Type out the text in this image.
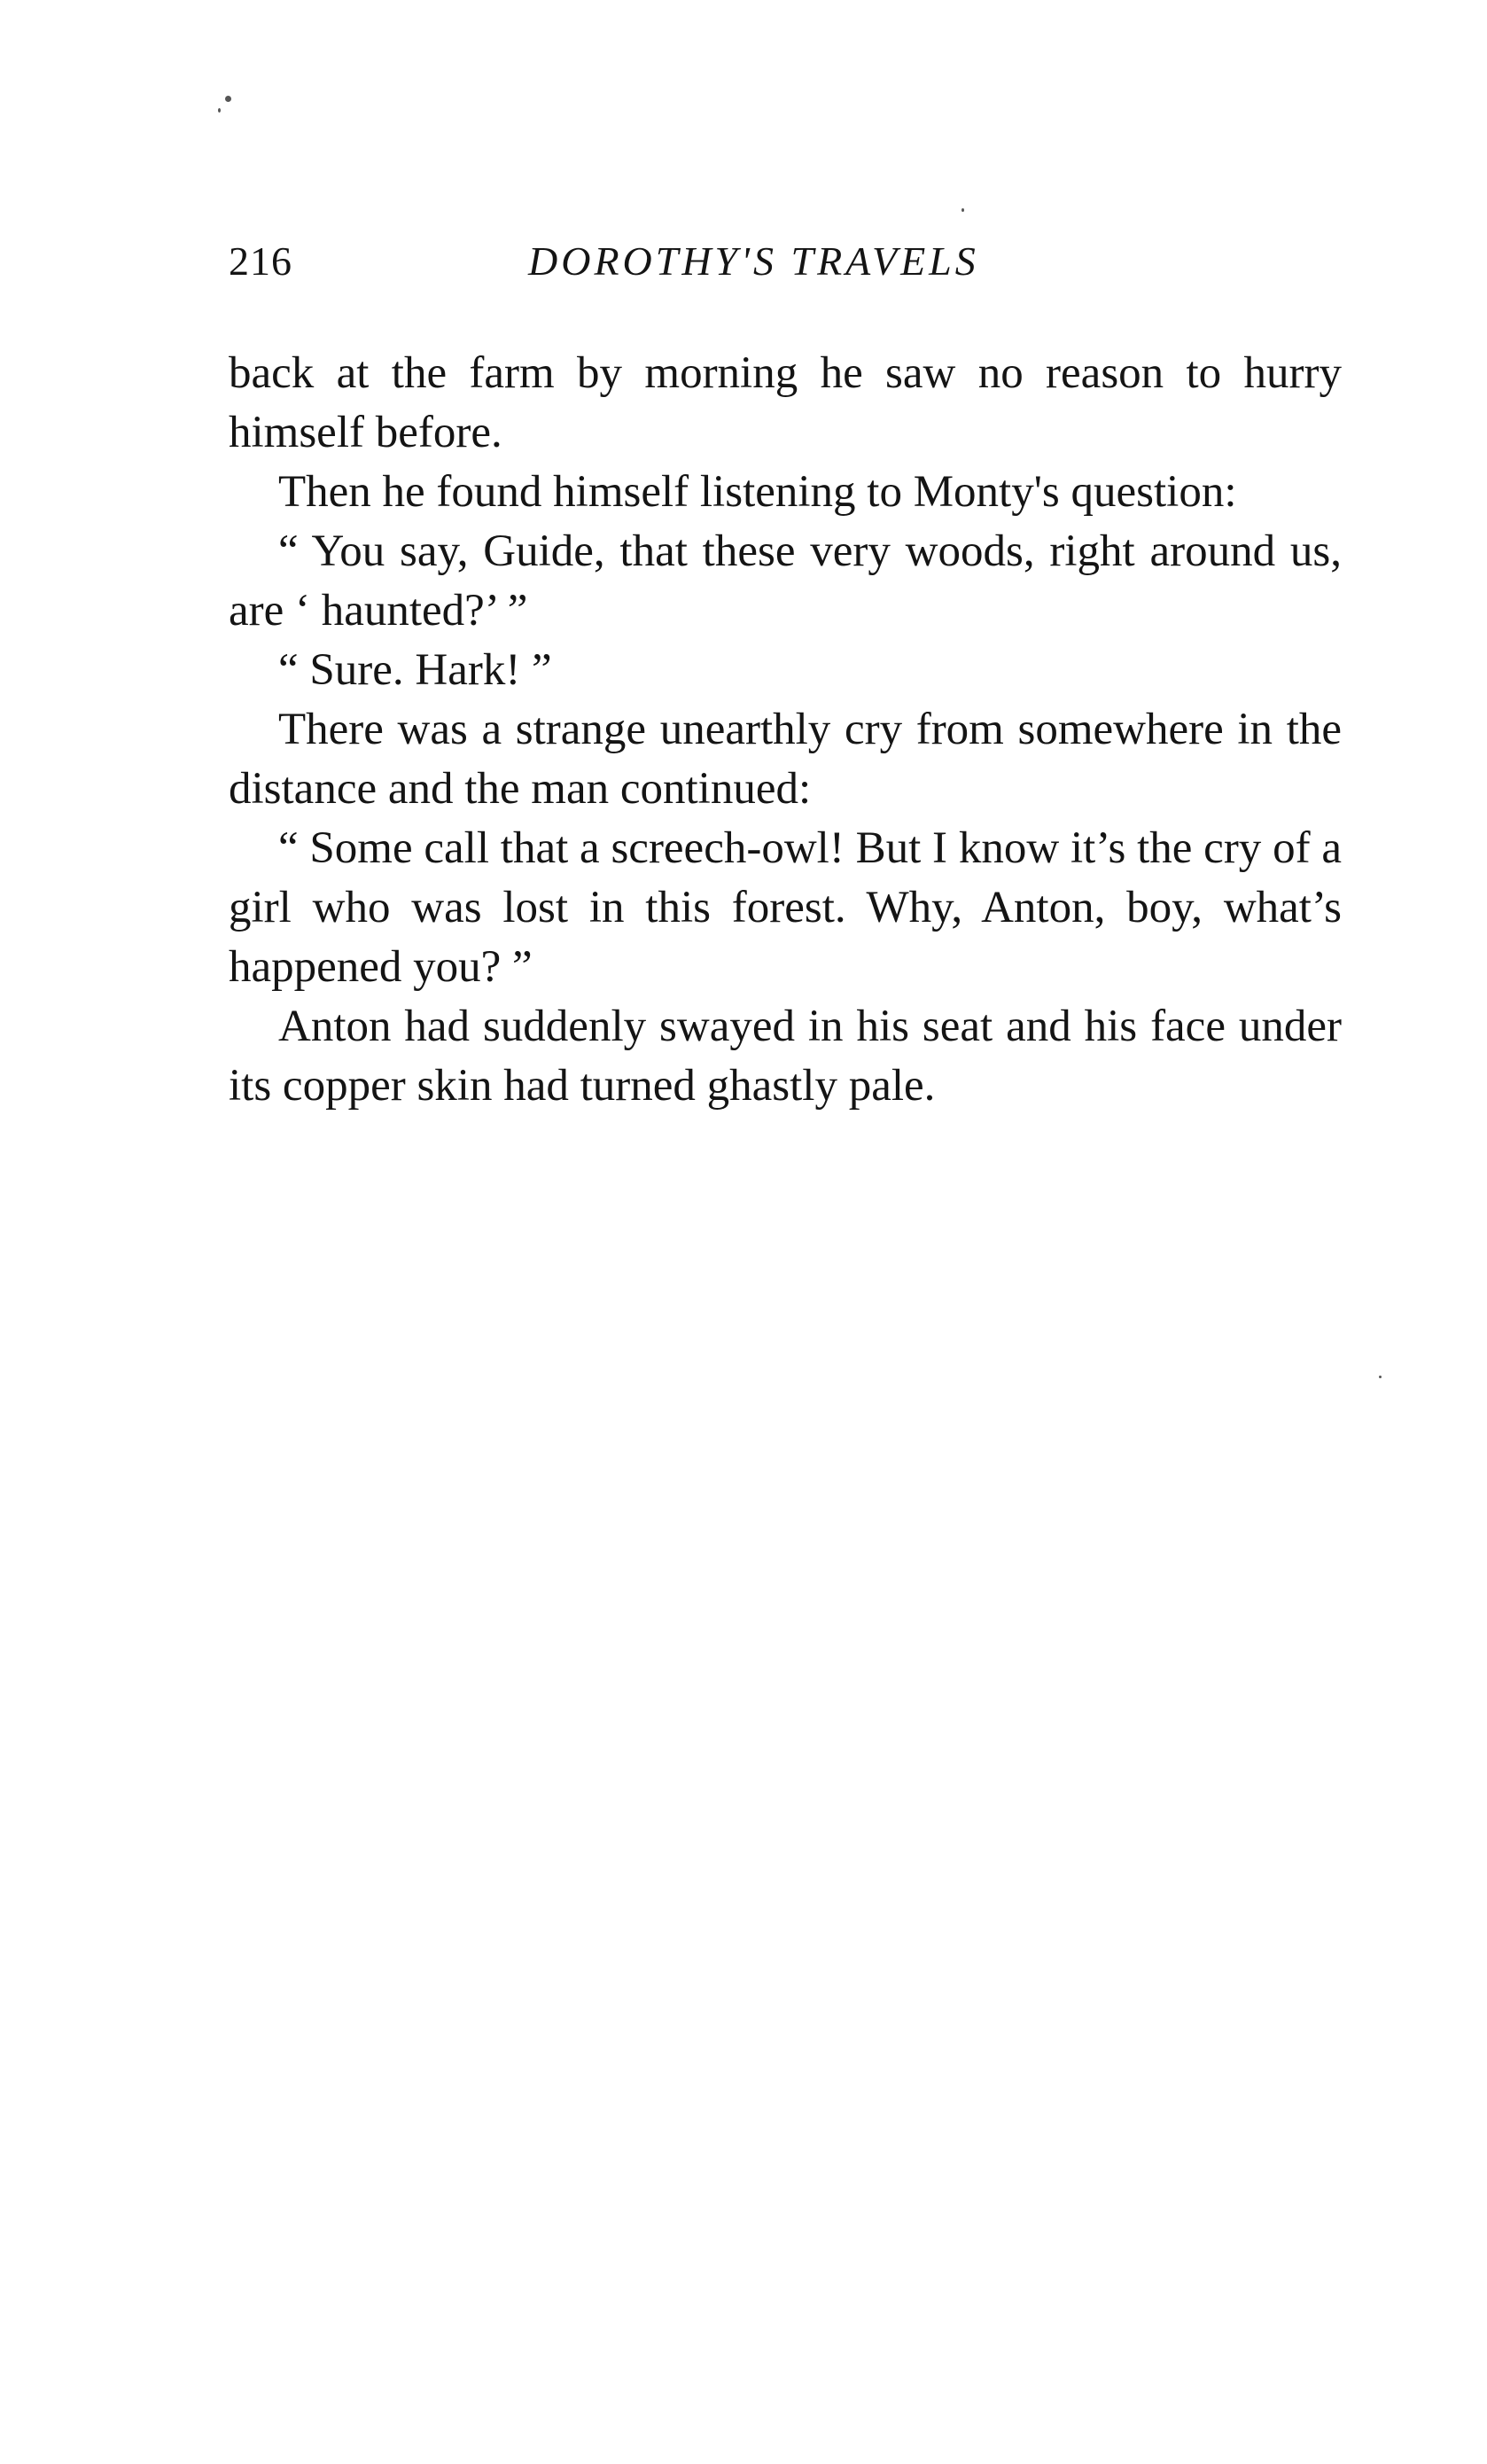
216	DOROTHY'S TRAVELS

back at the farm by morning he saw no reason to hurry himself before.

Then he found himself listening to Monty's question:

“ You say, Guide, that these very woods, right around us, are ‘ haunted?’ ”

“ Sure. Hark! ”

There was a strange unearthly cry from somewhere in the distance and the man continued:

“ Some call that a screech-owl! But I know it’s the cry of a girl who was lost in this forest. Why, Anton, boy, what’s happened you? ”

Anton had suddenly swayed in his seat and his face under its copper skin had turned ghastly pale.
